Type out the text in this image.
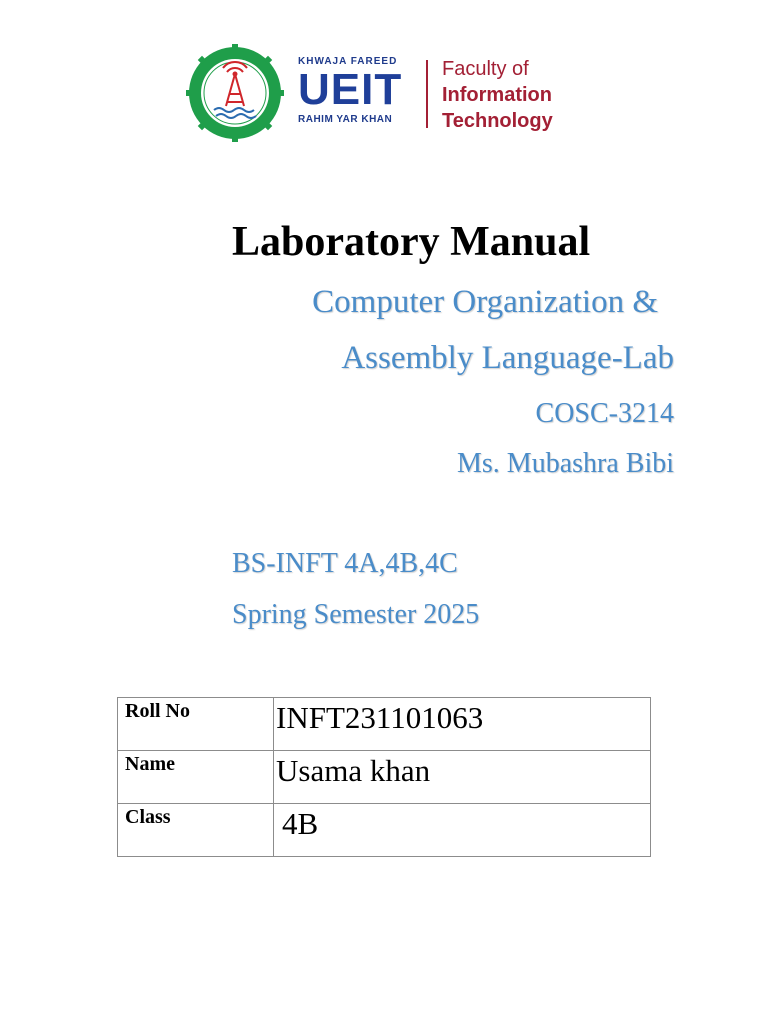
KHWAJA FAREED
UEIT
RAHIM YAR KHAN
Faculty of
Information
Technology
Laboratory Manual
Computer Organization &
Assembly Language-Lab
COSC-3214
Ms. Mubashra Bibi
BS-INFT 4A,4B,4C
Spring Semester 2025
Roll No	INFT231101063
Name	Usama khan
Class	4B
